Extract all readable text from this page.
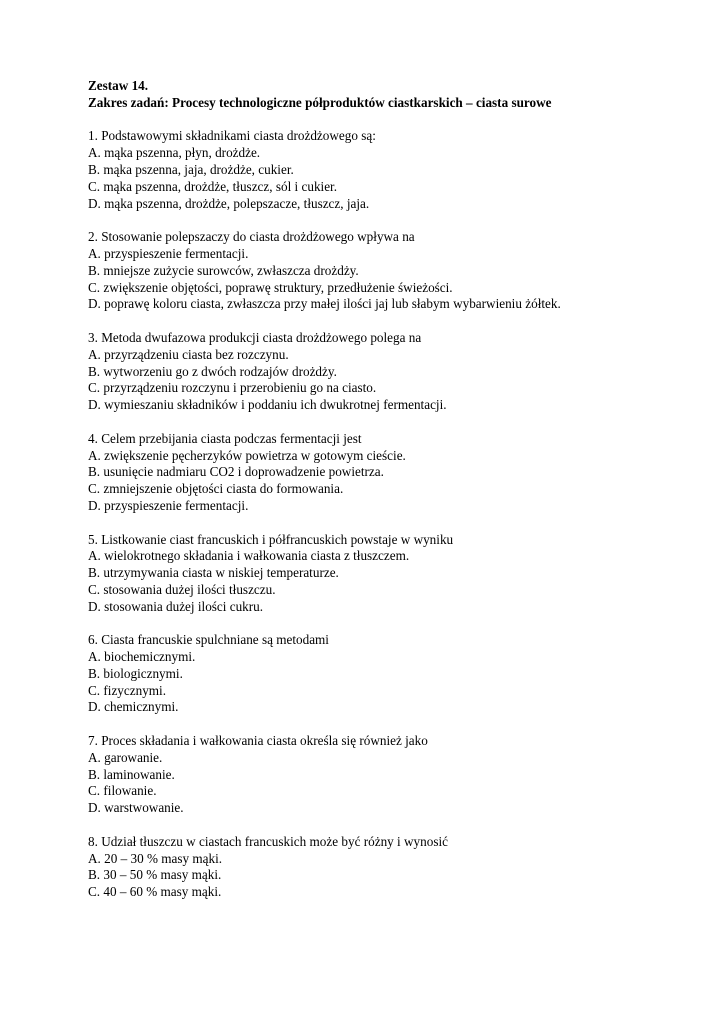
Zestaw 14.
Zakres zadań: Procesy technologiczne półproduktów ciastkarskich – ciasta surowe
1. Podstawowymi składnikami ciasta drożdżowego są:
A. mąka pszenna, płyn, drożdże.
B. mąka pszenna, jaja, drożdże, cukier.
C. mąka pszenna, drożdże, tłuszcz, sól i cukier.
D. mąka pszenna, drożdże, polepszacze, tłuszcz, jaja.
2. Stosowanie polepszaczy do ciasta drożdżowego wpływa na
A. przyspieszenie fermentacji.
B. mniejsze zużycie surowców, zwłaszcza drożdży.
C. zwiększenie objętości, poprawę struktury, przedłużenie świeżości.
D. poprawę koloru ciasta, zwłaszcza przy małej ilości jaj lub słabym wybarwieniu żółtek.
3. Metoda dwufazowa produkcji ciasta drożdżowego polega na
A. przyrządzeniu ciasta bez rozczynu.
B. wytworzeniu go z dwóch rodzajów drożdży.
C. przyrządzeniu rozczynu i przerobieniu go na ciasto.
D. wymieszaniu składników i poddaniu ich dwukrotnej fermentacji.
4. Celem przebijania ciasta podczas fermentacji jest
A. zwiększenie pęcherzyków powietrza w gotowym cieście.
B. usunięcie nadmiaru CO2 i doprowadzenie powietrza.
C. zmniejszenie objętości ciasta do formowania.
D. przyspieszenie fermentacji.
5. Listkowanie ciast francuskich i półfrancuskich powstaje w wyniku
A. wielokrotnego składania i wałkowania ciasta z tłuszczem.
B. utrzymywania ciasta w niskiej temperaturze.
C. stosowania dużej ilości tłuszczu.
D. stosowania dużej ilości cukru.
6. Ciasta francuskie spulchniane są metodami
A. biochemicznymi.
B. biologicznymi.
C. fizycznymi.
D. chemicznymi.
7. Proces składania i wałkowania ciasta określa się również jako
A. garowanie.
B. laminowanie.
C. filowanie.
D. warstwowanie.
8. Udział tłuszczu w ciastach francuskich może być różny i wynosić
A. 20 – 30 % masy mąki.
B. 30 – 50 % masy mąki.
C. 40 – 60 % masy mąki.
